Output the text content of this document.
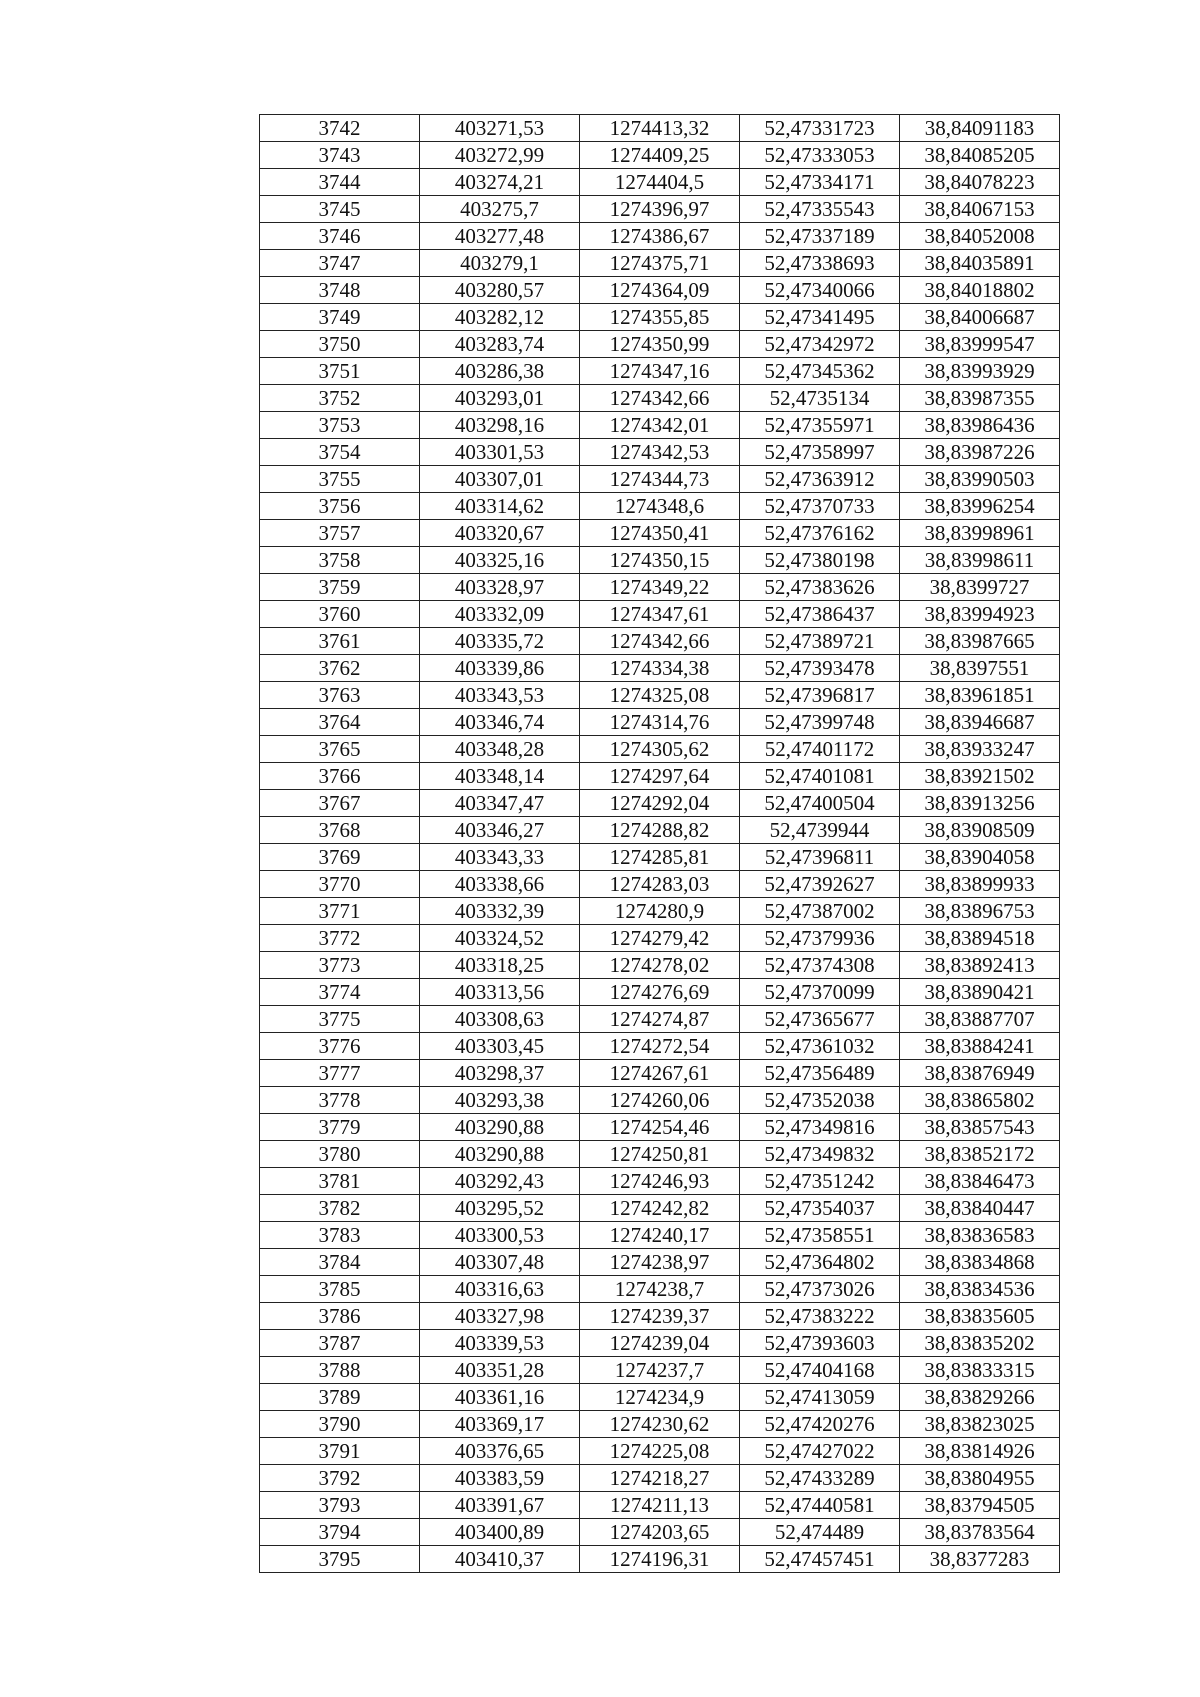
3742	403271,53	1274413,32	52,47331723	38,84091183
3743	403272,99	1274409,25	52,47333053	38,84085205
3744	403274,21	1274404,5	52,47334171	38,84078223
3745	403275,7	1274396,97	52,47335543	38,84067153
3746	403277,48	1274386,67	52,47337189	38,84052008
3747	403279,1	1274375,71	52,47338693	38,84035891
3748	403280,57	1274364,09	52,47340066	38,84018802
3749	403282,12	1274355,85	52,47341495	38,84006687
3750	403283,74	1274350,99	52,47342972	38,83999547
3751	403286,38	1274347,16	52,47345362	38,83993929
3752	403293,01	1274342,66	52,4735134	38,83987355
3753	403298,16	1274342,01	52,47355971	38,83986436
3754	403301,53	1274342,53	52,47358997	38,83987226
3755	403307,01	1274344,73	52,47363912	38,83990503
3756	403314,62	1274348,6	52,47370733	38,83996254
3757	403320,67	1274350,41	52,47376162	38,83998961
3758	403325,16	1274350,15	52,47380198	38,83998611
3759	403328,97	1274349,22	52,47383626	38,8399727
3760	403332,09	1274347,61	52,47386437	38,83994923
3761	403335,72	1274342,66	52,47389721	38,83987665
3762	403339,86	1274334,38	52,47393478	38,8397551
3763	403343,53	1274325,08	52,47396817	38,83961851
3764	403346,74	1274314,76	52,47399748	38,83946687
3765	403348,28	1274305,62	52,47401172	38,83933247
3766	403348,14	1274297,64	52,47401081	38,83921502
3767	403347,47	1274292,04	52,47400504	38,83913256
3768	403346,27	1274288,82	52,4739944	38,83908509
3769	403343,33	1274285,81	52,47396811	38,83904058
3770	403338,66	1274283,03	52,47392627	38,83899933
3771	403332,39	1274280,9	52,47387002	38,83896753
3772	403324,52	1274279,42	52,47379936	38,83894518
3773	403318,25	1274278,02	52,47374308	38,83892413
3774	403313,56	1274276,69	52,47370099	38,83890421
3775	403308,63	1274274,87	52,47365677	38,83887707
3776	403303,45	1274272,54	52,47361032	38,83884241
3777	403298,37	1274267,61	52,47356489	38,83876949
3778	403293,38	1274260,06	52,47352038	38,83865802
3779	403290,88	1274254,46	52,47349816	38,83857543
3780	403290,88	1274250,81	52,47349832	38,83852172
3781	403292,43	1274246,93	52,47351242	38,83846473
3782	403295,52	1274242,82	52,47354037	38,83840447
3783	403300,53	1274240,17	52,47358551	38,83836583
3784	403307,48	1274238,97	52,47364802	38,83834868
3785	403316,63	1274238,7	52,47373026	38,83834536
3786	403327,98	1274239,37	52,47383222	38,83835605
3787	403339,53	1274239,04	52,47393603	38,83835202
3788	403351,28	1274237,7	52,47404168	38,83833315
3789	403361,16	1274234,9	52,47413059	38,83829266
3790	403369,17	1274230,62	52,47420276	38,83823025
3791	403376,65	1274225,08	52,47427022	38,83814926
3792	403383,59	1274218,27	52,47433289	38,83804955
3793	403391,67	1274211,13	52,47440581	38,83794505
3794	403400,89	1274203,65	52,474489	38,83783564
3795	403410,37	1274196,31	52,47457451	38,8377283
